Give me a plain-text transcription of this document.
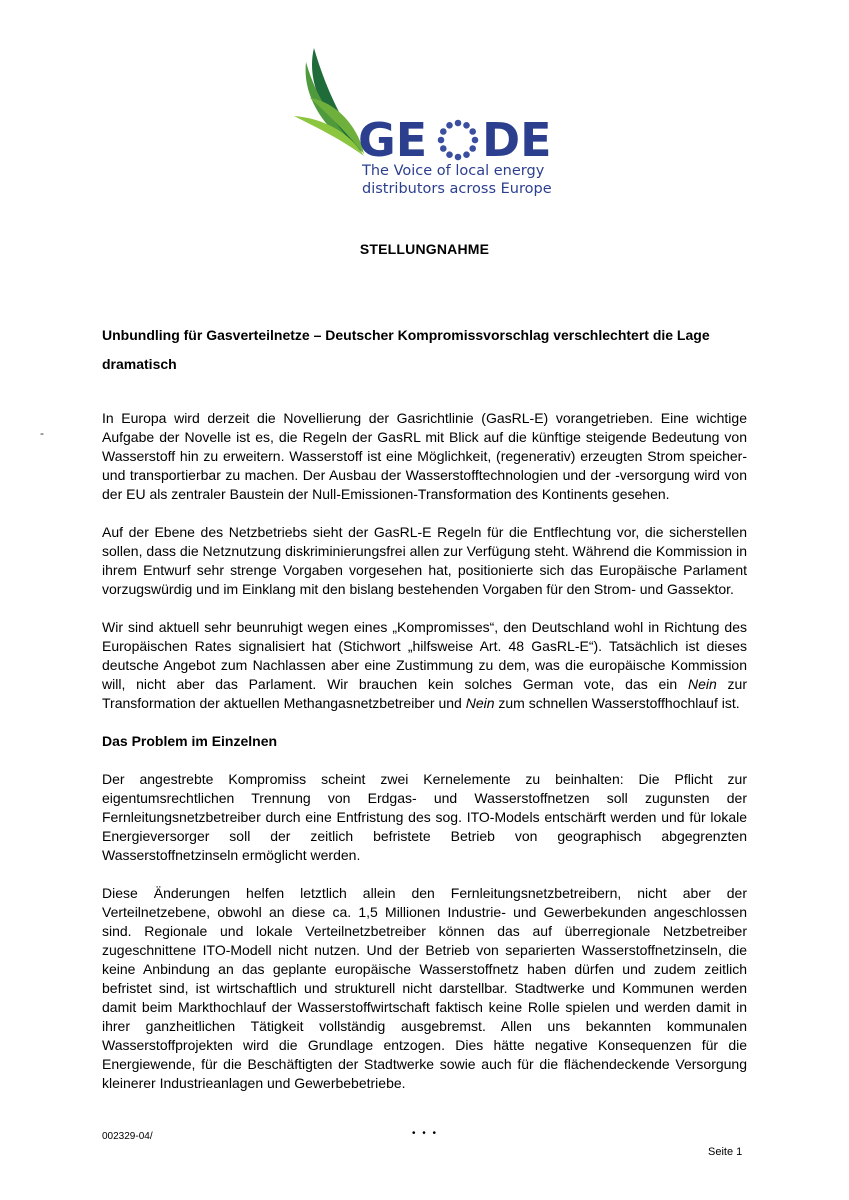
GE DE
The Voice of local energy
distributors across Europe
STELLUNGNAHME
Unbundling für Gasverteilnetze – Deutscher Kompromissvorschlag verschlechtert die Lage dramatisch
-

In Europa wird derzeit die Novellierung der Gasrichtlinie (GasRL-E) vorangetrieben. Eine wichtige Aufgabe der Novelle ist es, die Regeln der GasRL mit Blick auf die künftige steigende Bedeutung von Wasserstoff hin zu erweitern. Wasserstoff ist eine Möglichkeit, (regenerativ) erzeugten Strom speicher- und transportierbar zu machen. Der Ausbau der Wasserstofftechnologien und der -versorgung wird von der EU als zentraler Baustein der Null-Emissionen-Transformation des Kontinents gesehen.

Auf der Ebene des Netzbetriebs sieht der GasRL-E Regeln für die Entflechtung vor, die sicherstellen sollen, dass die Netznutzung diskriminierungsfrei allen zur Verfügung steht. Während die Kommission in ihrem Entwurf sehr strenge Vorgaben vorgesehen hat, positionierte sich das Europäische Parlament vorzugswürdig und im Einklang mit den bislang bestehenden Vorgaben für den Strom- und Gassektor.

Wir sind aktuell sehr beunruhigt wegen eines „Kompromisses“, den Deutschland wohl in Richtung des Europäischen Rates signalisiert hat (Stichwort „hilfsweise Art. 48 GasRL-E“). Tatsächlich ist dieses deutsche Angebot zum Nachlassen aber eine Zustimmung zu dem, was die europäische Kommission will, nicht aber das Parlament. Wir brauchen kein solches German vote, das ein Nein zur Transformation der aktuellen Methangasnetzbetreiber und Nein zum schnellen Wasserstoffhochlauf ist.

Das Problem im Einzelnen

Der angestrebte Kompromiss scheint zwei Kernelemente zu beinhalten: Die Pflicht zur eigentumsrechtlichen Trennung von Erdgas- und Wasserstoffnetzen soll zugunsten der Fernleitungsnetzbetreiber durch eine Entfristung des sog. ITO-Models entschärft werden und für lokale Energieversorger soll der zeitlich befristete Betrieb von geographisch abgegrenzten Wasserstoffnetzinseln ermöglicht werden.

Diese Änderungen helfen letztlich allein den Fernleitungsnetzbetreibern, nicht aber der Verteilnetzebene, obwohl an diese ca. 1,5 Millionen Industrie- und Gewerbekunden angeschlossen sind. Regionale und lokale Verteilnetzbetreiber können das auf überregionale Netzbetreiber zugeschnittene ITO-Modell nicht nutzen. Und der Betrieb von separierten Wasserstoffnetzinseln, die keine Anbindung an das geplante europäische Wasserstoffnetz haben dürfen und zudem zeitlich befristet sind, ist wirtschaftlich und strukturell nicht darstellbar. Stadtwerke und Kommunen werden damit beim Markthochlauf der Wasserstoffwirtschaft faktisch keine Rolle spielen und werden damit in ihrer ganzheitlichen Tätigkeit vollständig ausgebremst. Allen uns bekannten kommunalen Wasserstoffprojekten wird die Grundlage entzogen. Dies hätte negative Konsequenzen für die Energiewende, für die Beschäftigten der Stadtwerke sowie auch für die flächendeckende Versorgung kleinerer Industrieanlagen und Gewerbebetriebe.

002329-04/	• • •
Seite 1
